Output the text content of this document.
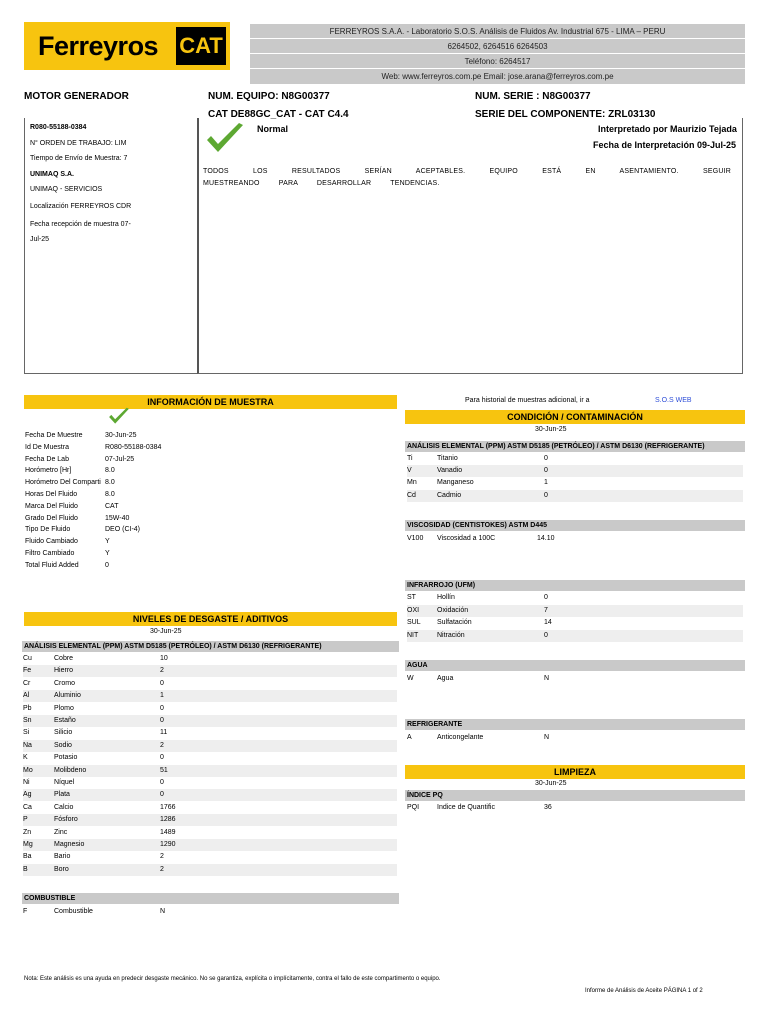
Ferreyros CAT
FERREYROS S.A.A. - Laboratorio S.O.S. Análisis de Fluidos Av. Industrial 675 - LIMA – PERU
6264502, 6264516 6264503
Teléfono: 6264517
Web: www.ferreyros.com.pe Email: jose.arana@ferreyros.com.pe
MOTOR GENERADOR	NUM. EQUIPO: N8G00377	NUM. SERIE : N8G00377
CAT DE88GC_CAT - CAT C4.4	SERIE DEL COMPONENTE: ZRL03130
R080-55188-0384
N° ORDEN DE TRABAJO: LIM
Tiempo de Envío de Muestra: 7
UNIMAQ S.A.
UNIMAQ - SERVICIOS
Localización FERREYROS CDR
Fecha recepción de muestra 07-
Jul-25
Normal	Interpretado por Maurizio Tejada
Fecha de Interpretación 09-Jul-25
TODOS LOS RESULTADOS SERÍAN ACEPTABLES. EQUIPO ESTÁ EN ASENTAMIENTO. SEGUIR MUESTREANDO PARA DESARROLLAR TENDENCIAS.
INFORMACIÓN DE MUESTRA
Fecha De Muestre	30-Jun-25
Id De Muestra	R080-55188-0384
Fecha De Lab	07-Jul-25
Horómetro [Hr]	8.0
Horómetro Del Comparti 8.0
Horas Del Fluido	8.0
Marca Del Fluido	CAT
Grado Del Fluido	15W-40
Tipo De Fluido	DEO (CI-4)
Fluido Cambiado	Y
Filtro Cambiado	Y
Total Fluid Added	0
Para historial de muestras adicional, ir a	S.O.S WEB
CONDICIÓN / CONTAMINACIÓN
30-Jun-25
ANÁLISIS ELEMENTAL (PPM) ASTM D5185 (PETRÓLEO) / ASTM D6130 (REFRIGERANTE)
Ti	Titanio	0
V	Vanadio	0
Mn	Manganeso	1
Cd	Cadmio	0
VISCOSIDAD (CENTISTOKES) ASTM D445
V100 Viscosidad a 100C	14.10
INFRARROJO (UFM)
ST	Hollín	0
OXI	Oxidación	7
SUL Sulfatación	14
NIT	Nitración	0
AGUA
W	Agua	N
REFRIGERANTE
A	Anticongelante	N
LIMPIEZA
30-Jun-25
ÍNDICE PQ
PQI	Indice de Quantific	36
NIVELES DE DESGASTE / ADITIVOS
30-Jun-25
ANÁLISIS ELEMENTAL (PPM) ASTM D5185 (PETRÓLEO) / ASTM D6130 (REFRIGERANTE)
Cu	Cobre	10
Fe	Hierro	2
Cr	Cromo	0
Al	Aluminio	1
Pb	Plomo	0
Sn	Estaño	0
Si	Silicio	11
Na	Sodio	2
K	Potasio	0
Mo	Molibdeno	51
Ni	Níquel	0
Ag	Plata	0
Ca	Calcio	1766
P	Fósforo	1286
Zn	Zinc	1489
Mg	Magnesio	1290
Ba	Bario	2
B	Boro	2
COMBUSTIBLE
F	Combustible	N
Nota: Este análisis es una ayuda en predecir desgaste mecánico. No se garantiza, explícita o implícitamente, contra el fallo de este compartimento o equipo.
Informe de Análisis de Aceite PÁGINA 1 of 2
